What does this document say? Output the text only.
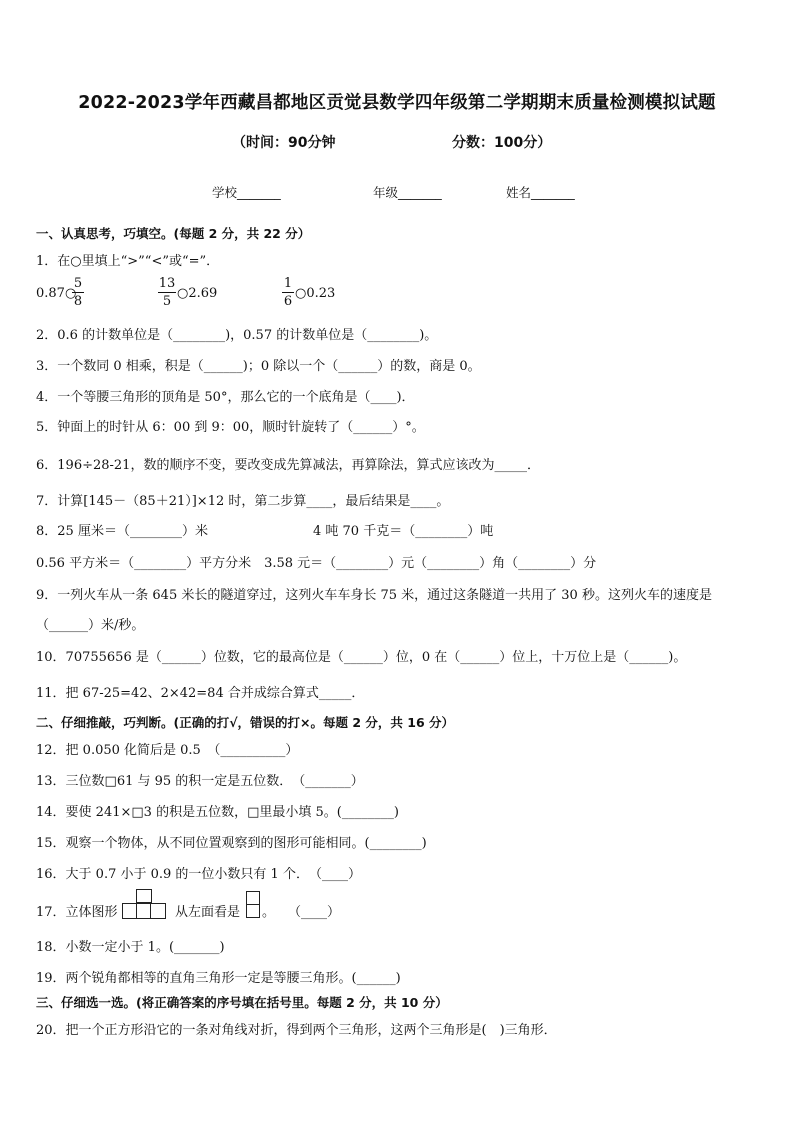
2022-2023学年西藏昌都地区贡觉县数学四年级第二学期期末质量检测模拟试题
（时间：90分钟	分数：100分）
学校_______	年级_______	姓名_______
一、认真思考，巧填空。(每题 2 分，共 22 分）
1．在○里填上“>”“<”或“=”．
0.87○
5
8
13
5
○2.69
1
6
○0.23
2．0.6 的计数单位是（________)，0.57 的计数单位是（________)。
3．一个数同 0 相乘，积是（______)；0 除以一个（______）的数，商是 0。
4．一个等腰三角形的顶角是 50°，那么它的一个底角是（____)．
5．钟面上的时针从 6：00 到 9：00，顺时针旋转了（______）°。
6．196÷28-21，数的顺序不变，要改变成先算减法，再算除法，算式应该改为_____．
7．计算[145－（85＋21）]×12 时，第二步算____，最后结果是____。
8．25 厘米＝（________）米	4 吨 70 千克＝（________）吨
0.56 平方米＝（________）平方分米　3.58 元＝（________）元（________）角（________）分
9．一列火车从一条 645 米长的隧道穿过，这列火车车身长 75 米，通过这条隧道一共用了 30 秒。这列火车的速度是
（______）米/秒。
10．70755656 是（______）位数，它的最高位是（______）位，0 在（______）位上，十万位上是（______)。
11．把 67-25=42、2×42=84 合并成综合算式_____．
二、仔细推敲，巧判断。(正确的打√，错误的打×。每题 2 分，共 16 分）
12．把 0.050 化简后是 0.5　（__________）
13．三位数□61 与 95 的积一定是五位数．　（_______）
14．要使 241×□3 的积是五位数，□里最小填 5。(________)
15．观察一个物体，从不同位置观察到的图形可能相同。(________)
16．大于 0.7 小于 0.9 的一位小数只有 1 个．　（____）
17．立体图形	从左面看是 。　　（____）
18．小数一定小于 1。(_______)
19．两个锐角都相等的直角三角形一定是等腰三角形。(______)
三、仔细选一选。(将正确答案的序号填在括号里。每题 2 分，共 10 分）
20．把一个正方形沿它的一条对角线对折，得到两个三角形，这两个三角形是(　)三角形．
